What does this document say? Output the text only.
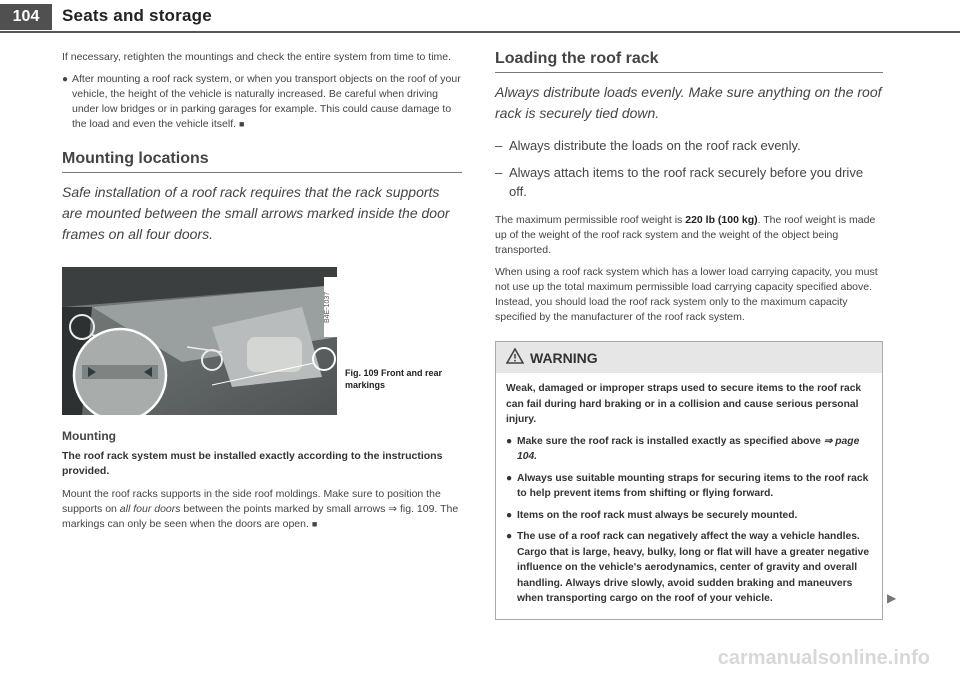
104	Seats and storage

If necessary, retighten the mountings and check the entire system from time to time.

● After mounting a roof rack system, or when you transport objects on the roof of your vehicle, the height of the vehicle is naturally increased. Be careful when driving under low bridges or in parking garages for example. This could cause damage to the load and even the vehicle itself. ■

Mounting locations

Safe installation of a roof rack requires that the rack supports are mounted between the small arrows marked inside the door frames on all four doors.

B4E-1037
Fig. 109 Front and rear markings
Mounting

The roof rack system must be installed exactly according to the instructions provided.

Mount the roof racks supports in the side roof moldings. Make sure to position the supports on all four doors between the points marked by small arrows ⇒ fig. 109. The markings can only be seen when the doors are open. ■

Loading the roof rack

Always distribute loads evenly. Make sure anything on the roof rack is securely tied down.

– Always distribute the loads on the roof rack evenly.
– Always attach items to the roof rack securely before you drive off.

The maximum permissible roof weight is 220 lb (100 kg). The roof weight is made up of the weight of the roof rack system and the weight of the object being transported.

When using a roof rack system which has a lower load carrying capacity, you must not use up the total maximum permissible load carrying capacity specified above. Instead, you should load the roof rack system only to the maximum capacity specified by the manufacturer of the roof rack system.

WARNING

Weak, damaged or improper straps used to secure items to the roof rack can fail during hard braking or in a collision and cause serious personal injury.

● Make sure the roof rack is installed exactly as specified above ⇒ page 104.

● Always use suitable mounting straps for securing items to the roof rack to help prevent items from shifting or flying forward.

● Items on the roof rack must always be securely mounted.

● The use of a roof rack can negatively affect the way a vehicle handles. Cargo that is large, heavy, bulky, long or flat will have a greater negative influence on the vehicle's aerodynamics, center of gravity and overall handling. Always drive slowly, avoid sudden braking and maneuvers when transporting cargo on the roof of your vehicle.	▶
carmanualsonline.info
